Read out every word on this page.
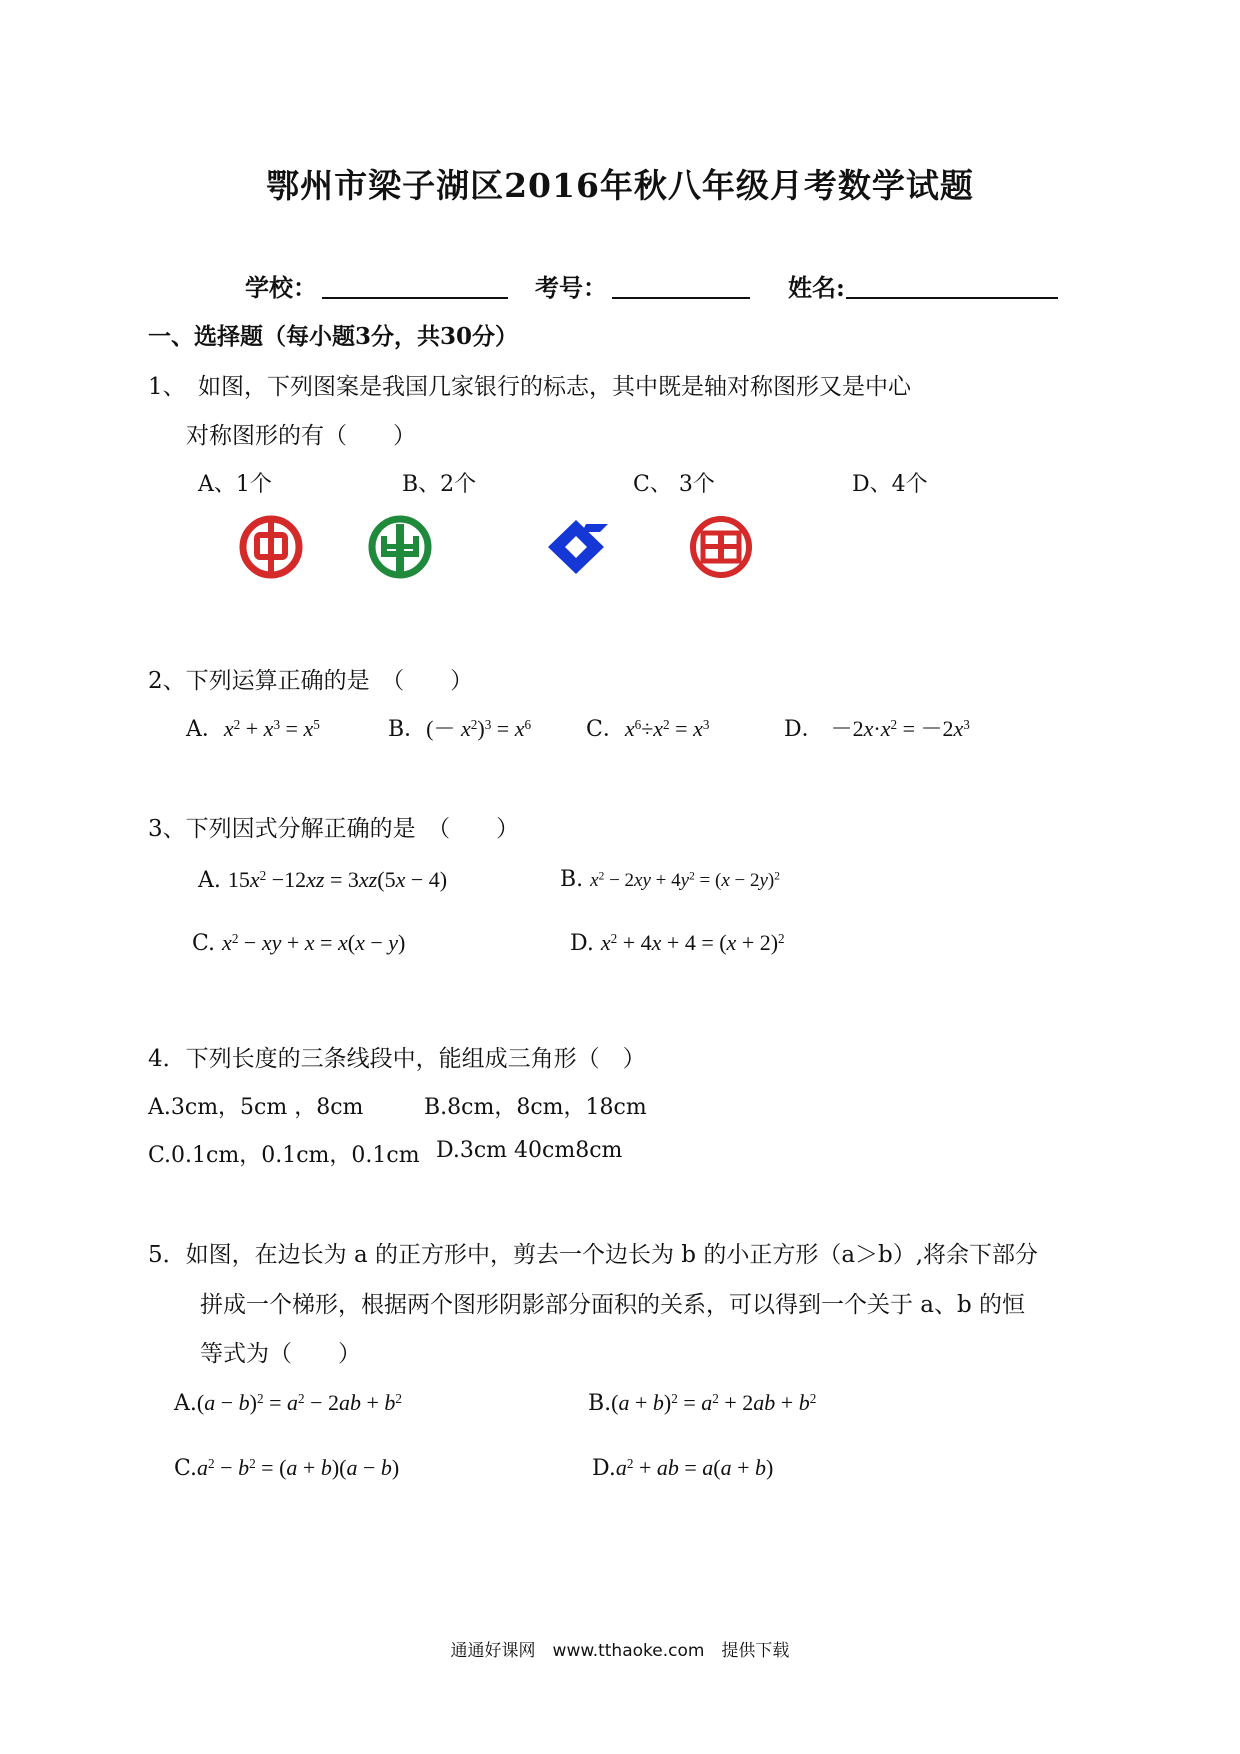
鄂州市梁子湖区2016年秋八年级月考数学试题
学校：	考号：	姓名:
一、选择题（每小题3分，共30分）
1、 如图，下列图案是我国几家银行的标志，其中既是轴对称图形又是中心
对称图形的有（　　）
A、1个	B、2个	C、 3个	D、4个
2、下列运算正确的是　（　　）
A．$x^2 + x^3 = x^5$	B．(－ $x^2)^3 = x^6$ C．$x^6\div x^2 = x^3$	D． $-2x\cdot x^2 = -2x^3$
3、下列因式分解正确的是　（　　）
A. $15x^2 -12xz = 3xz(5x - 4)$	B. $x^2 - 2xy + 4y^2 = (x - 2y)^2$
C. $x^2$ − xy + x = x(x − y)	D. $x^2 + 4x + 4 = (x + 2)^2$
4．下列长度的三条线段中，能组成三角形（　）
A.3cm，5cm ，8cm	B.8cm，8cm，18cm
C.0.1cm，0.1cm，0.1cm D.3cm 40cm8cm
5．如图，在边长为 a 的正方形中，剪去一个边长为 b 的小正方形（a＞b）,将余下部分
拼成一个梯形，根据两个图形阴影部分面积的关系，可以得到一个关于 a、b 的恒
等式为（　　）
$A.(a - b)^2 = a^2 - 2ab + b^2$	$B.(a + b)^2 = a^2 + 2ab + b^2$
$C.a^2 - b^2 = (a + b)(a - b)$	$D.a^2$ + ab = a(a + b)
通通好课网　www.tthaoke.com　提供下载
